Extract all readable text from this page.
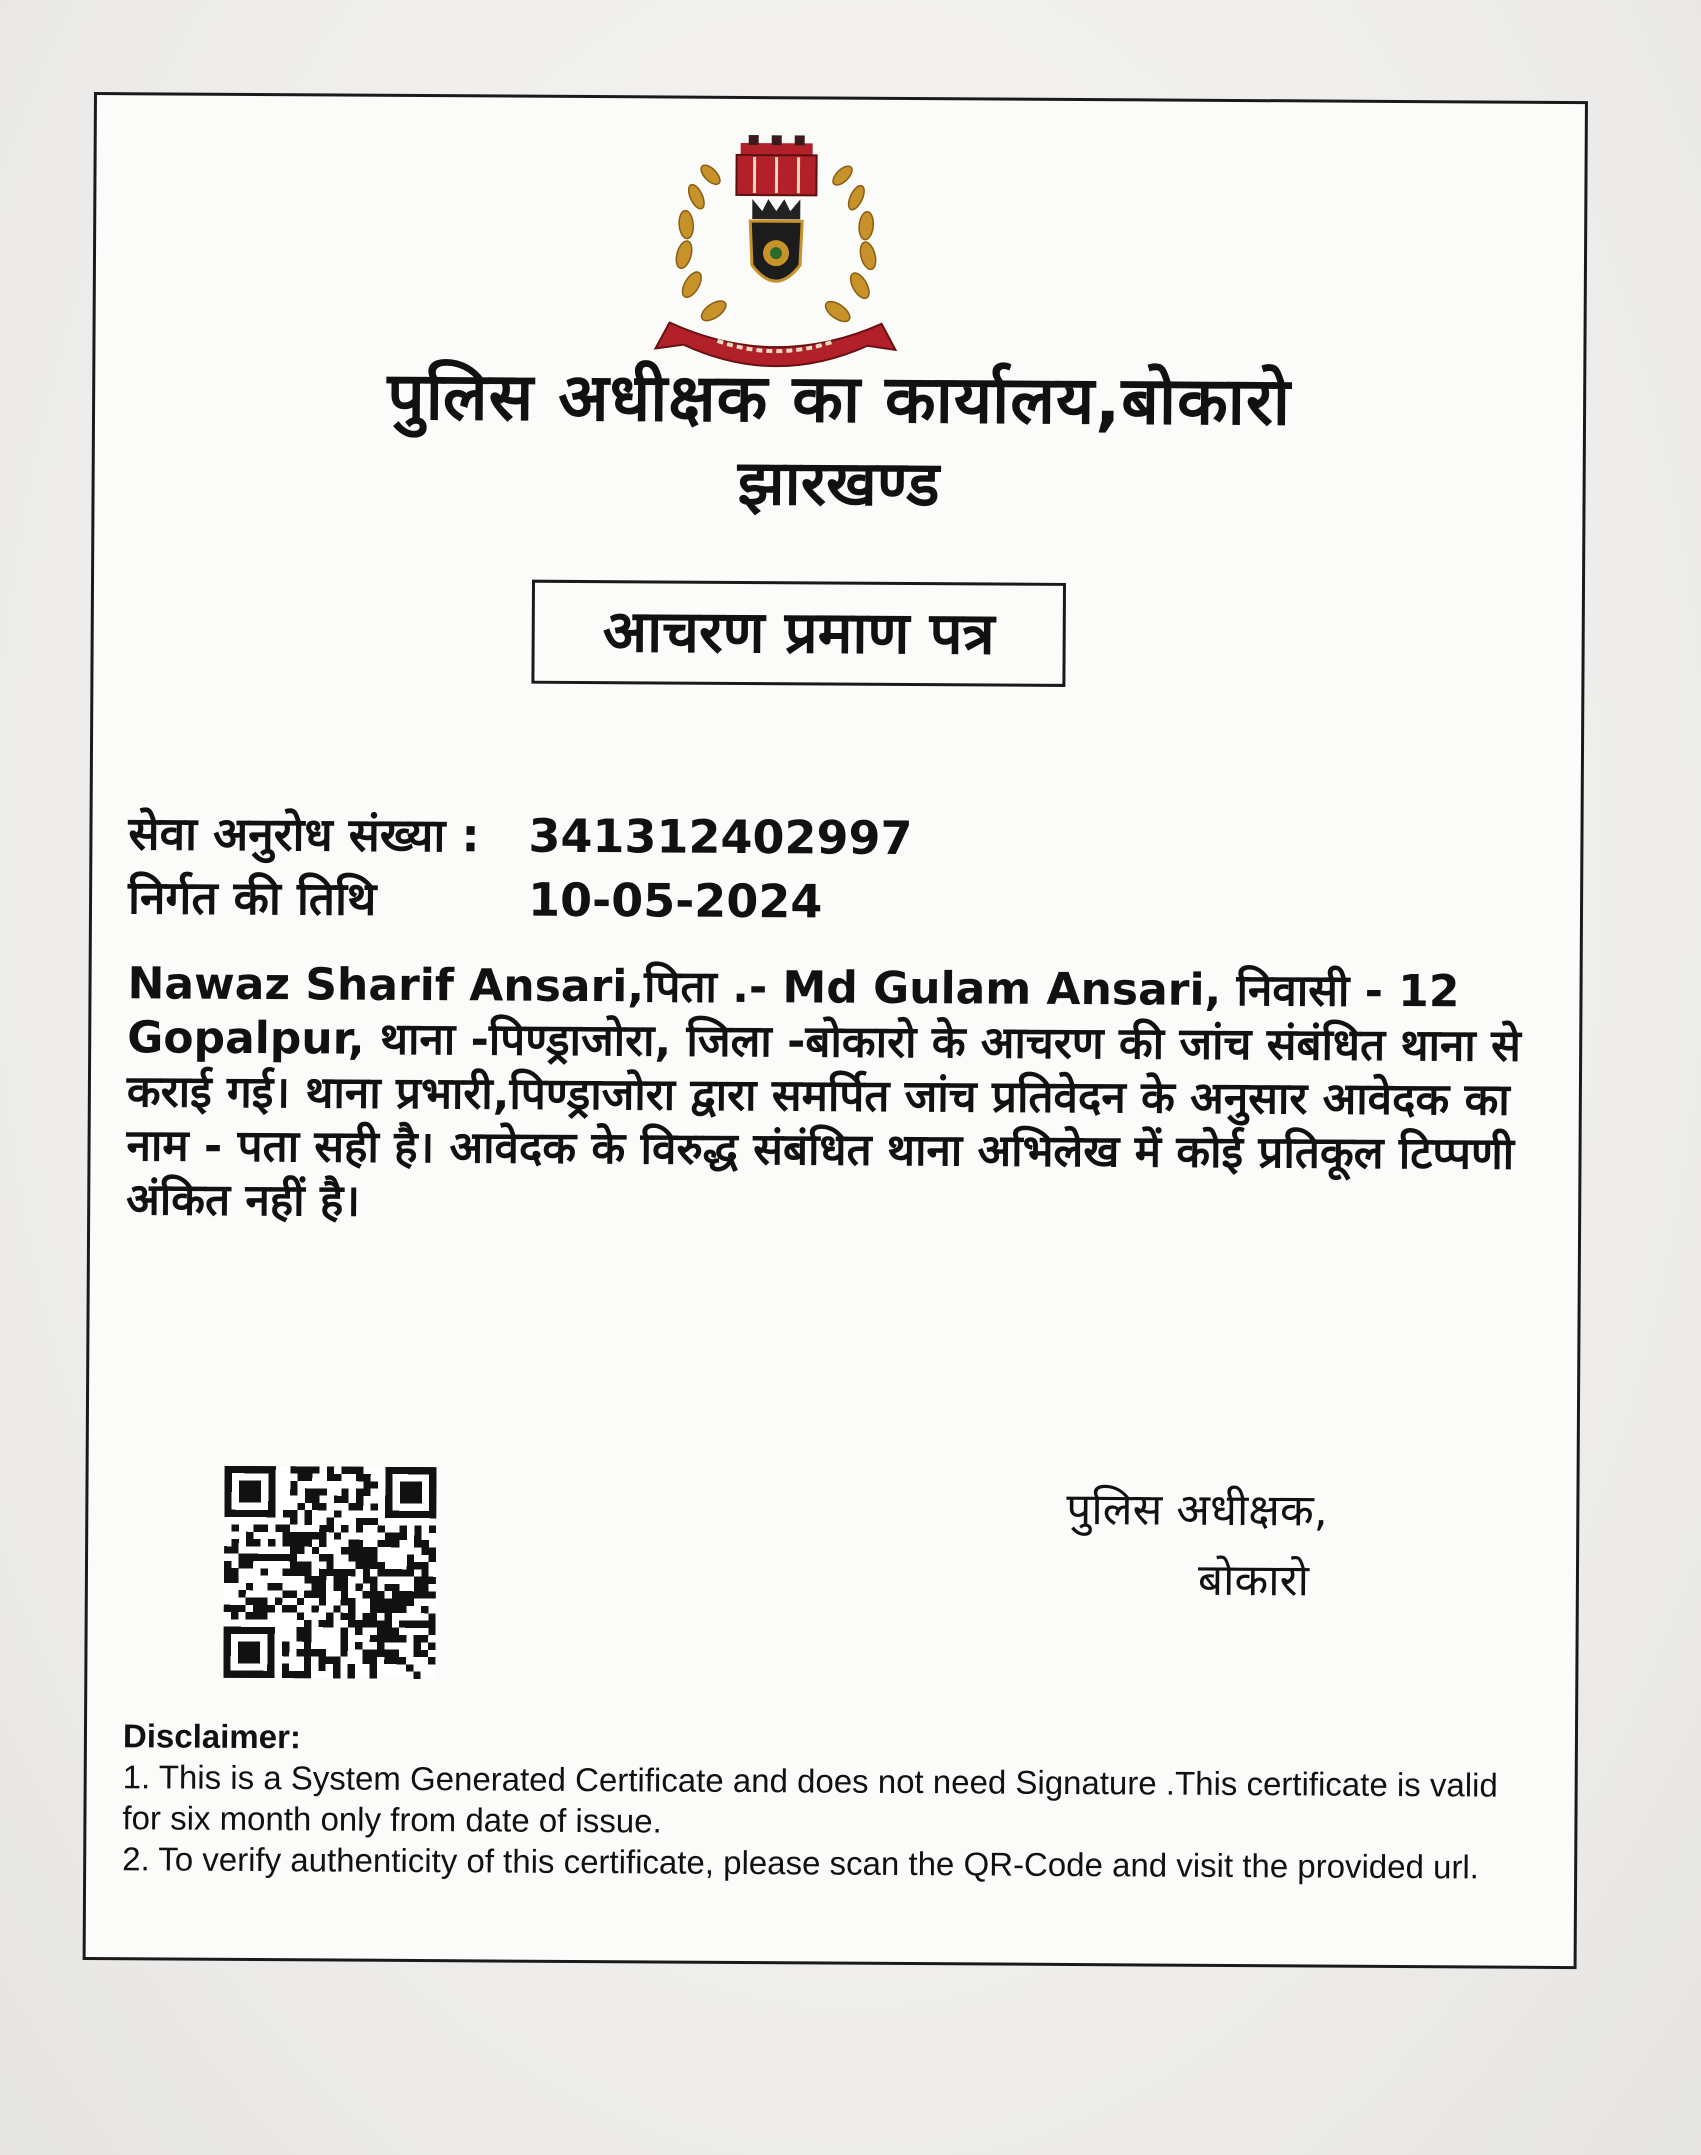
पुलिस अधीक्षक का कार्यालय,बोकारो
झारखण्ड
आचरण प्रमाण पत्र
सेवा अनुरोध संख्या : 341312402997
निर्गत की तिथि	10-05-2024
Nawaz Sharif Ansari,पिता .- Md Gulam Ansari, निवासी - 12 Gopalpur, थाना -पिण्ड्राजोरा, जिला -बोकारो के आचरण की जांच संबंधित थाना से कराई गई। थाना प्रभारी,पिण्ड्राजोरा द्वारा समर्पित जांच प्रतिवेदन के अनुसार आवेदक का नाम - पता सही है। आवेदक के विरुद्ध संबंधित थाना अभिलेख में कोई प्रतिकूल टिप्पणी अंकित नहीं है।
पुलिस अधीक्षक,
बोकारो
Disclaimer:
1. This is a System Generated Certificate and does not need Signature .This certificate is valid for six month only from date of issue.
2. To verify authenticity of this certificate, please scan the QR-Code and visit the provided url.
